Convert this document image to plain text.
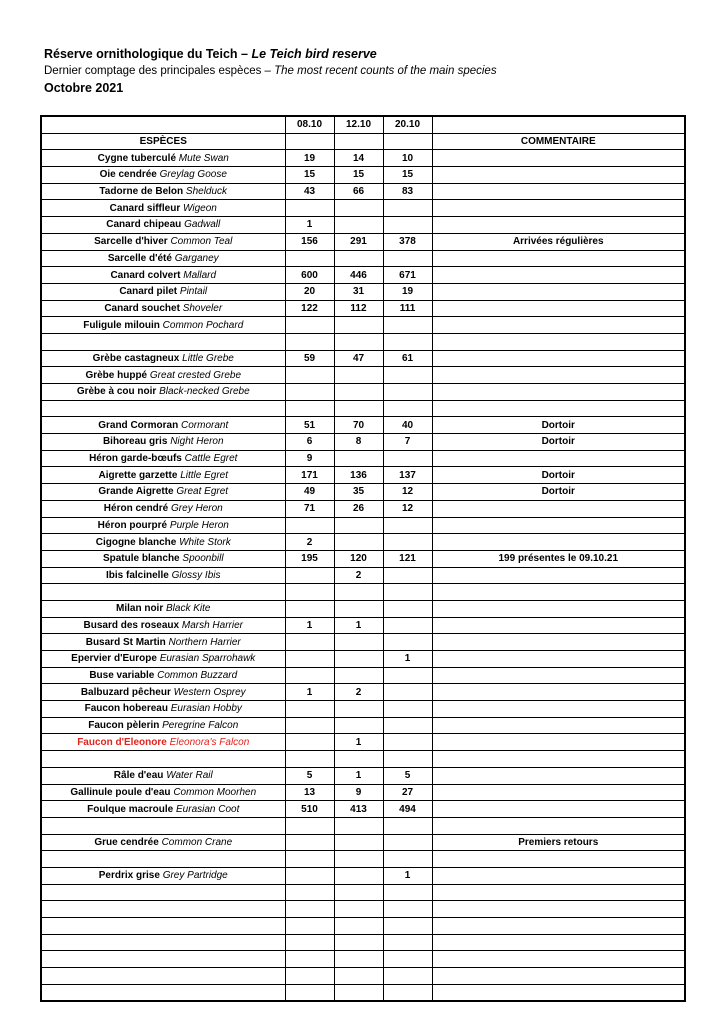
Réserve ornithologique du Teich – Le Teich bird reserve
Dernier comptage des principales espèces – The most recent counts of the main species
Octobre 2021
	08.10	12.10	20.10	
ESPÈCES				COMMENTAIRE
Cygne tuberculé Mute Swan	19	14	10	
Oie cendrée Greylag Goose	15	15	15	
Tadorne de Belon Shelduck	43	66	83	
Canard siffleur Wigeon				
Canard chipeau Gadwall	1			
Sarcelle d'hiver Common Teal	156	291	378	Arrivées régulières
Sarcelle d'été Garganey				
Canard colvert Mallard	600	446	671	
Canard pilet Pintail	20	31	19	
Canard souchet Shoveler	122	112	111	
Fuligule milouin Common Pochard				

Grèbe castagneux Little Grebe	59	47	61	
Grèbe huppé Great crested Grebe				
Grèbe à cou noir Black-necked Grebe				

Grand Cormoran Cormorant	51	70	40	Dortoir
Bihoreau gris Night Heron	6	8	7	Dortoir
Héron garde-bœufs Cattle Egret	9			
Aigrette garzette Little Egret	171	136	137	Dortoir
Grande Aigrette Great Egret	49	35	12	Dortoir
Héron cendré Grey Heron	71	26	12	
Héron pourpré Purple Heron				
Cigogne blanche White Stork	2			
Spatule blanche Spoonbill	195	120	121	199 présentes le 09.10.21
Ibis falcinelle Glossy Ibis		2		

Milan noir Black Kite				
Busard des roseaux Marsh Harrier	1	1		
Busard St Martin Northern Harrier				
Epervier d'Europe Eurasian Sparrohawk			1	
Buse variable Common Buzzard				
Balbuzard pêcheur Western Osprey	1	2		
Faucon hobereau Eurasian Hobby				
Faucon pèlerin Peregrine Falcon				
Faucon d'Eleonore Eleonora's Falcon		1		

Râle d'eau Water Rail	5	1	5	
Gallinule poule d'eau Common Moorhen	13	9	27	
Foulque macroule Eurasian Coot	510	413	494	

Grue cendrée Common Crane				Premiers retours

Perdrix grise Grey Partridge			1	
